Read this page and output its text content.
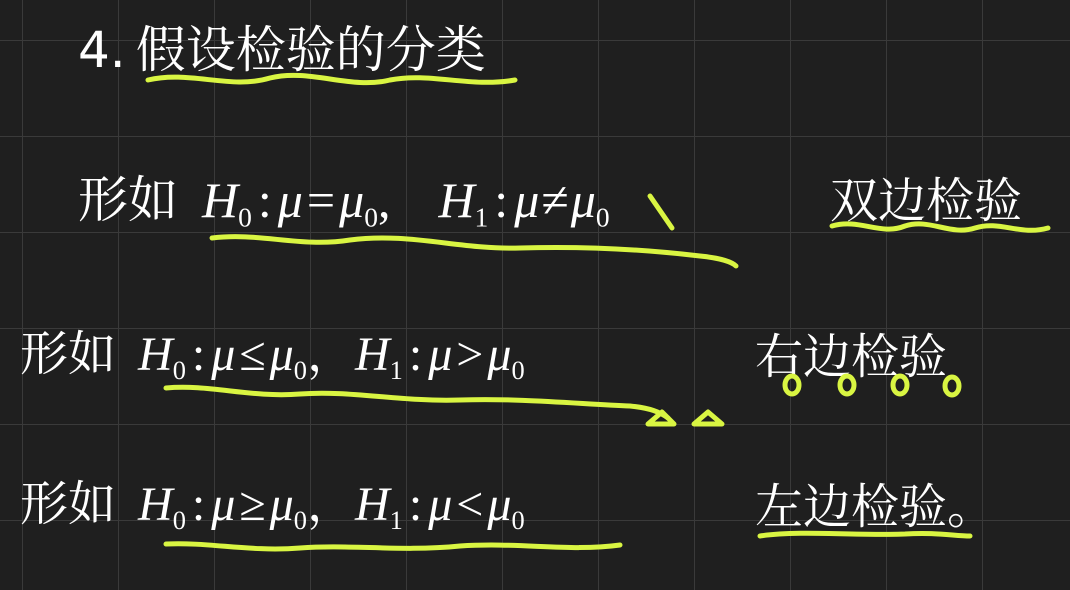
4. 假设检验的分类
形如 $H_0$ : $\mu=\mu_0$, $H_1$ : $\mu\ne\mu_0$	双边检验
形如 $H_0$ : $\mu\le\mu_0$，$H_1$ : $\mu>\mu_0$	右边检验
形如 $H_0$ : $\mu\ge\mu_0$，$H_1$ : $\mu<\mu_0$	左边检验。
